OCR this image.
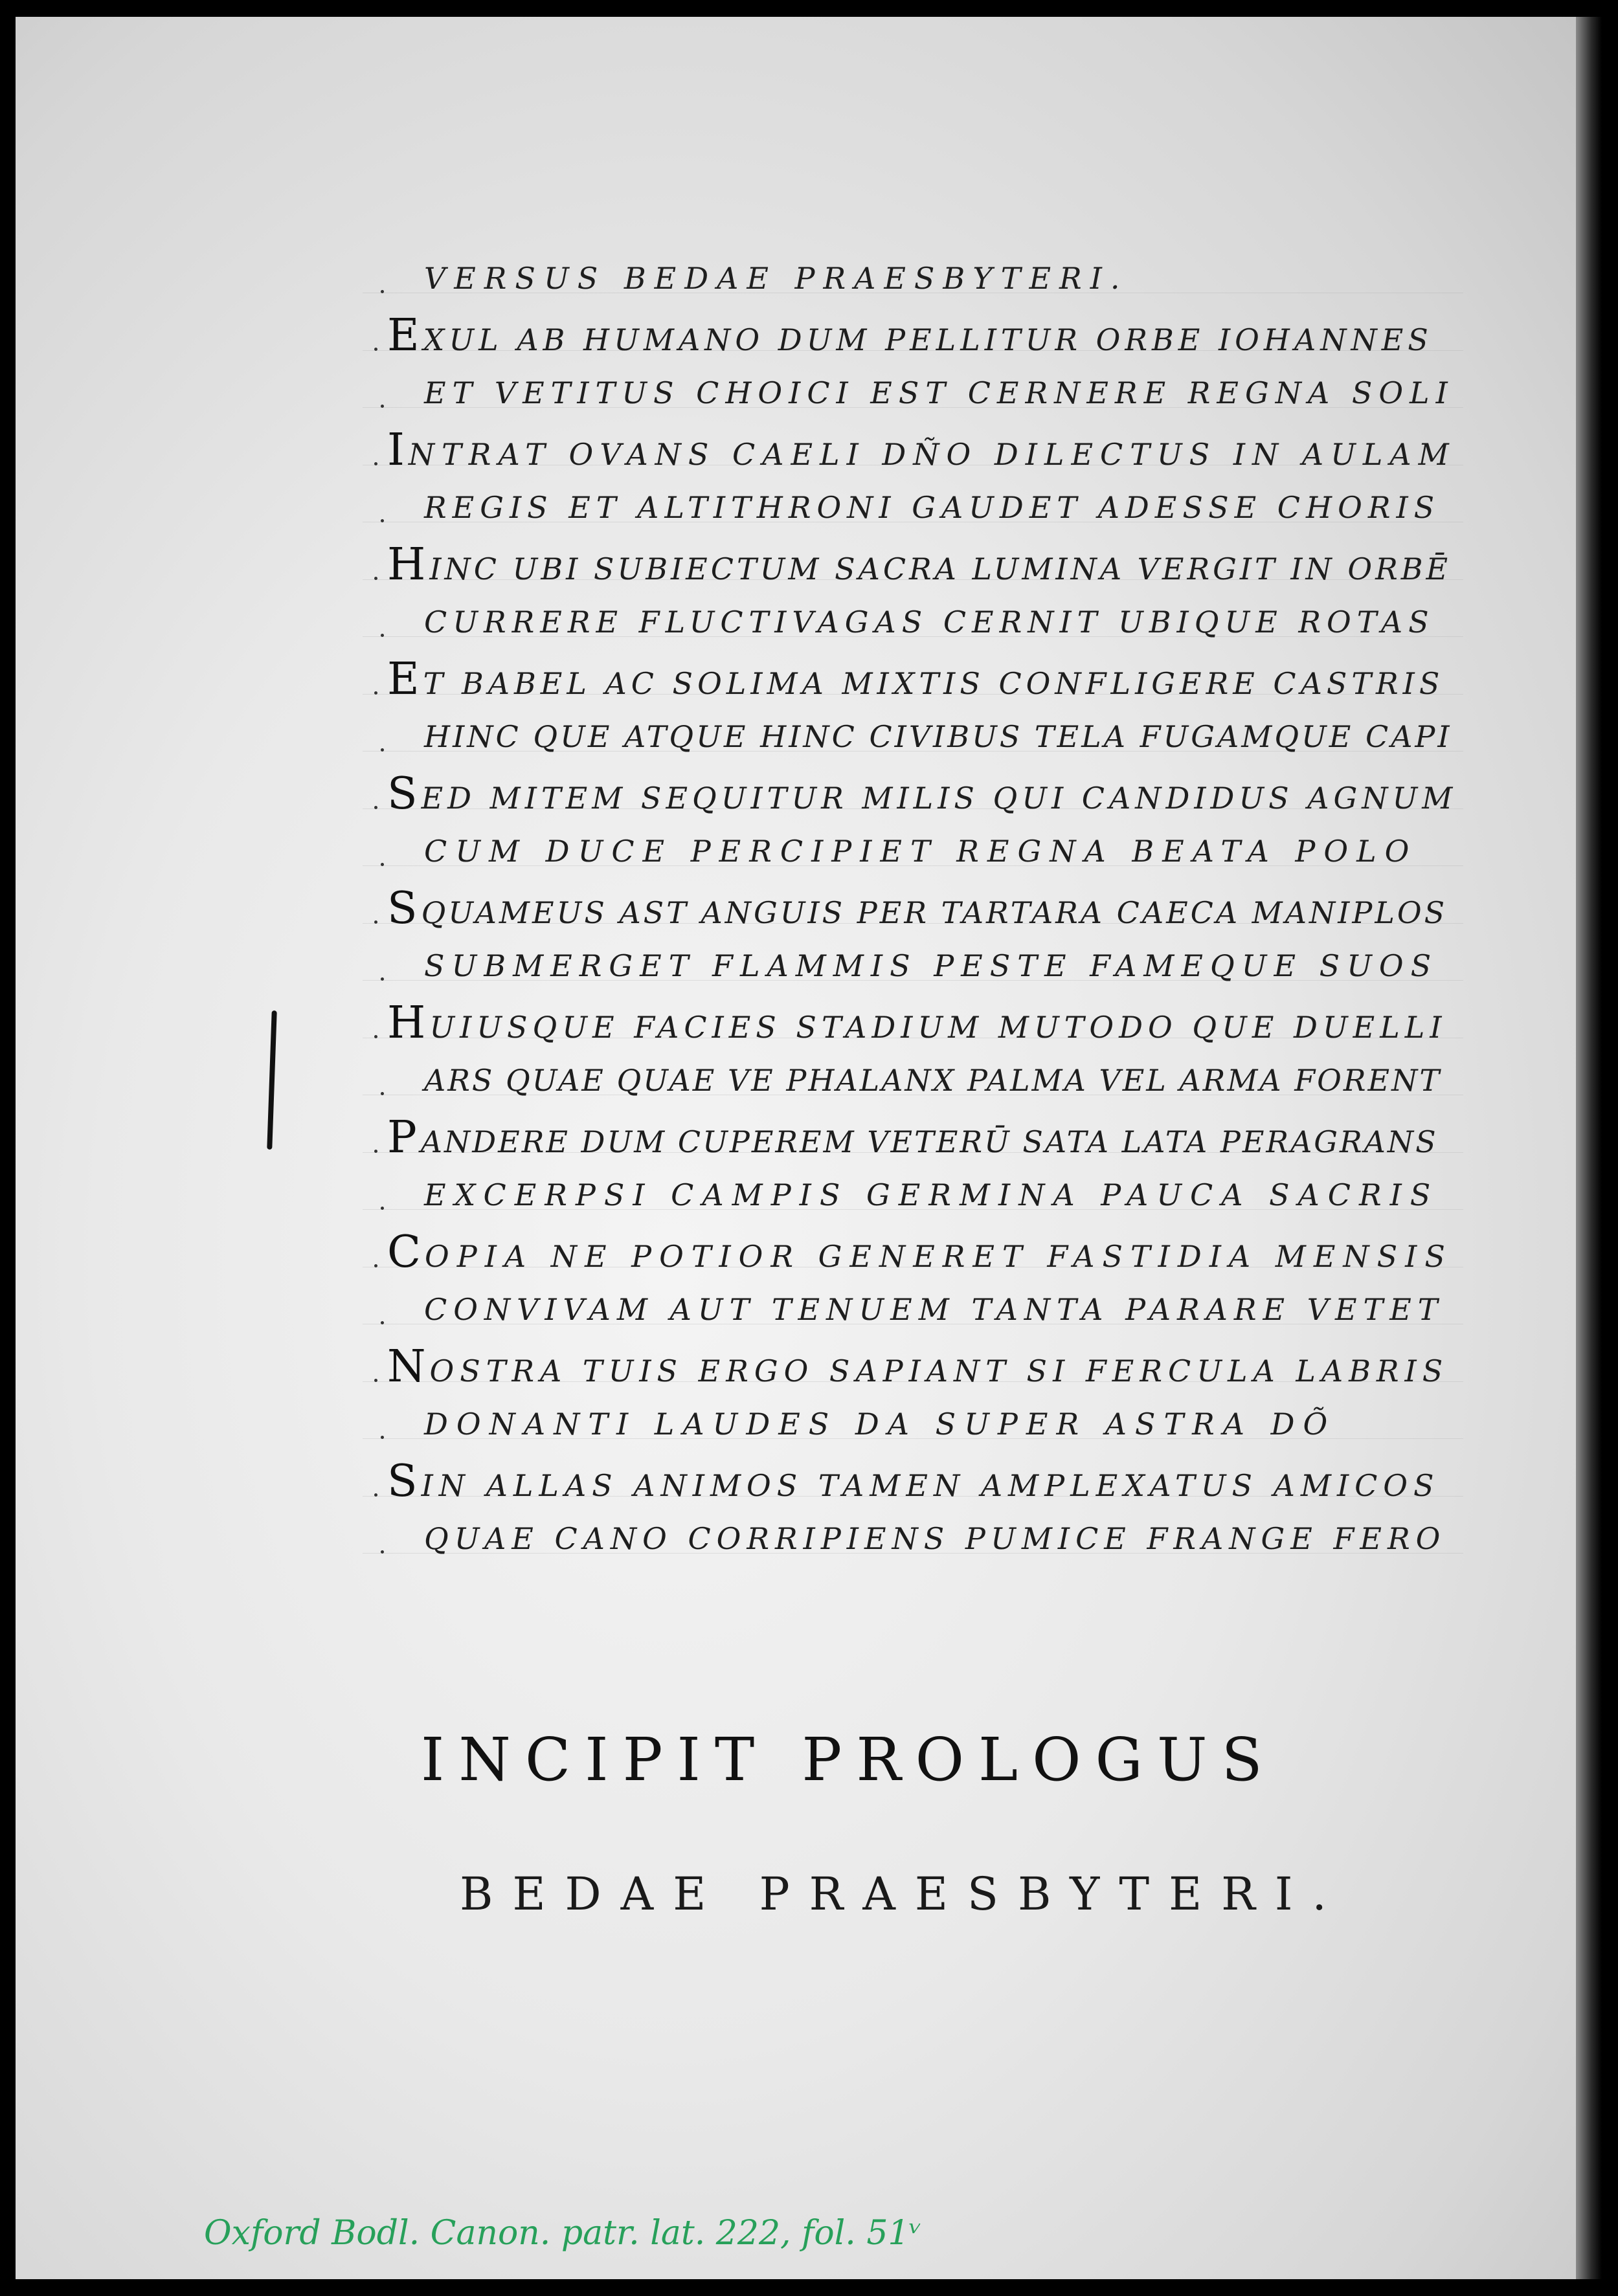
INCIPIT PROLOGUS
BEDAE PRAESBYTERI.
Oxford Bodl. Canon. patr. lat. 222, fol. 51ᵛ
VERSUS BEDAE PRAESBYTERI.
EXUL AB HUMANO DUM PELLITUR ORBE IOHANNES
ET VETITUS CHOICI EST CERNERE REGNA SOLI
INTRAT OVANS CAELI DÑO DILECTUS IN AULAM
REGIS ET ALTITHRONI GAUDET ADESSE CHORIS
HINC UBI SUBIECTUM SACRA LUMINA VERGIT IN ORBĒ
CURRERE FLUCTIVAGAS CERNIT UBIQUE ROTAS
ET BABEL AC SOLIMA MIXTIS CONFLIGERE CASTRIS
HINC QUE ATQUE HINC CIVIBUS TELA FUGAMQUE CAPI
SED MITEM SEQUITUR MILIS QUI CANDIDUS AGNUM
CUM DUCE PERCIPIET REGNA BEATA POLO
SQUAMEUS AST ANGUIS PER TARTARA CAECA MANIPLOS
SUBMERGET FLAMMIS PESTE FAMEQUE SUOS
HUIUSQUE FACIES STADIUM MUTODO QUE DUELLI
ARS QUAE QUAE VE PHALANX PALMA VEL ARMA FORENT
PANDERE DUM CUPEREM VETERŪ SATA LATA PERAGRANS
EXCERPSI CAMPIS GERMINA PAUCA SACRIS
COPIA NE POTIOR GENERET FASTIDIA MENSIS
CONVIVAM AUT TENUEM TANTA PARARE VETET
NOSTRA TUIS ERGO SAPIANT SI FERCULA LABRIS
DONANTI LAUDES DA SUPER ASTRA DÕ
SIN ALLAS ANIMOS TAMEN AMPLEXATUS AMICOS
QUAE CANO CORRIPIENS PUMICE FRANGE FERO
